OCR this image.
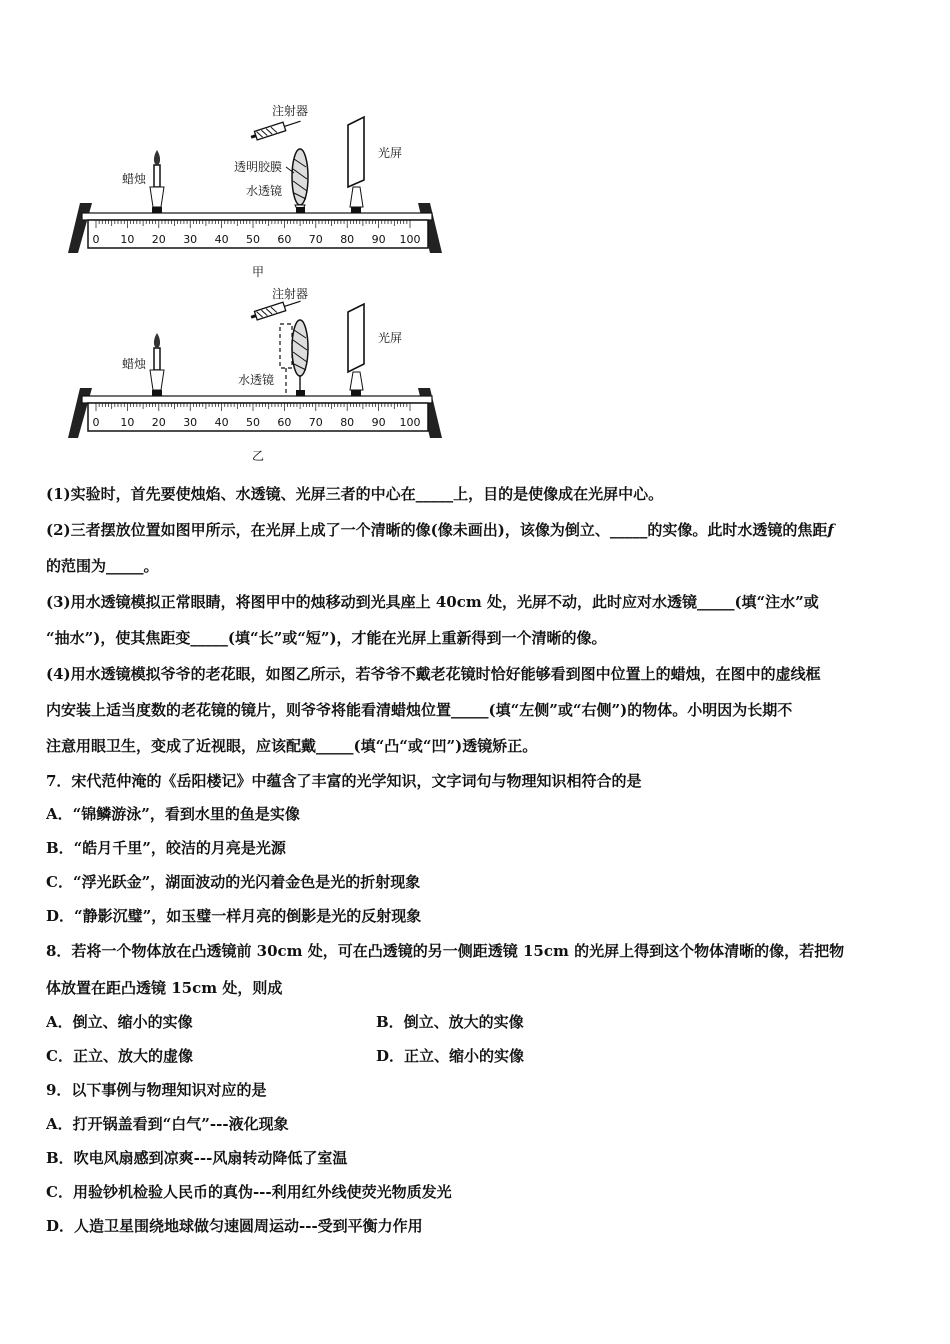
注射器
透明胶膜
蜡烛
水透镜
光屏
甲
0 10 20 30 40 50 60 70 80 90 100
注射器
蜡烛
水透镜
光屏
乙
0 10 20 30 40 50 60 70 80 90 100
(1)实验时，首先要使烛焰、水透镜、光屏三者的中心在_____上，目的是使像成在光屏中心。
(2)三者摆放位置如图甲所示，在光屏上成了一个清晰的像(像未画出)，该像为倒立、_____的实像。此时水透镜的焦距f
的范围为_____。
(3)用水透镜模拟正常眼睛，将图甲中的烛移动到光具座上 40cm 处，光屏不动，此时应对水透镜_____(填“注水”或
“抽水”)，使其焦距变_____(填“长”或“短”)，才能在光屏上重新得到一个清晰的像。
(4)用水透镜模拟爷爷的老花眼，如图乙所示，若爷爷不戴老花镜时恰好能够看到图中位置上的蜡烛，在图中的虚线框
内安装上适当度数的老花镜的镜片，则爷爷将能看清蜡烛位置_____(填“左侧”或“右侧”)的物体。小明因为长期不
注意用眼卫生，变成了近视眼，应该配戴_____(填“凸“或“凹”)透镜矫正。
7．宋代范仲淹的《岳阳楼记》中蕴含了丰富的光学知识，文字词句与物理知识相符合的是
A．“锦鳞游泳”，看到水里的鱼是实像
B．“皓月千里”，皎洁的月亮是光源
C．“浮光跃金”，湖面波动的光闪着金色是光的折射现象
D．“静影沉璧”，如玉璧一样月亮的倒影是光的反射现象
8．若将一个物体放在凸透镜前 30cm 处，可在凸透镜的另一侧距透镜 15cm 的光屏上得到这个物体清晰的像，若把物
体放置在距凸透镜 15cm 处，则成
A．倒立、缩小的实像	B．倒立、放大的实像
C．正立、放大的虚像	D．正立、缩小的实像
9．以下事例与物理知识对应的是
A．打开锅盖看到“白气”---液化现象
B．吹电风扇感到凉爽---风扇转动降低了室温
C．用验钞机检验人民币的真伪---利用红外线使荧光物质发光
D．人造卫星围绕地球做匀速圆周运动---受到平衡力作用
